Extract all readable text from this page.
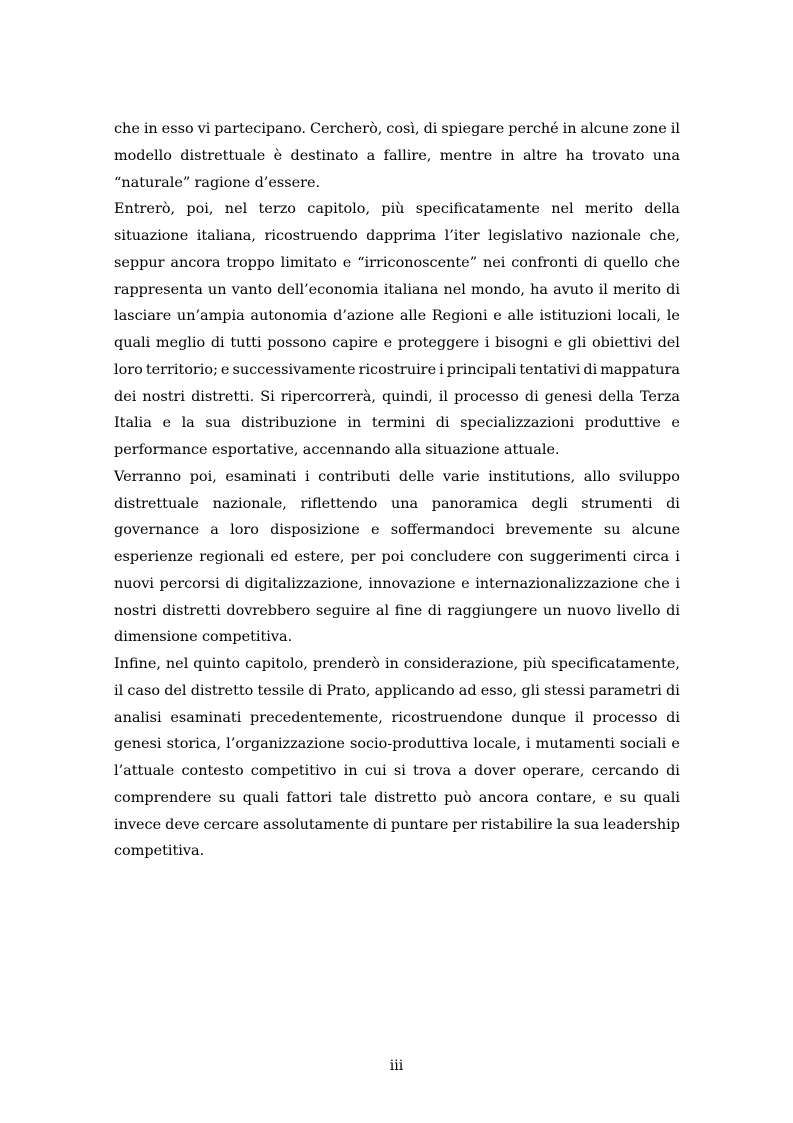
che in esso vi partecipano. Cercherò, così, di spiegare perché in alcune zone il
modello distrettuale è destinato a fallire, mentre in altre ha trovato una
“naturale” ragione d’essere.
Entrerò, poi, nel terzo capitolo, più specificatamente nel merito della
situazione italiana, ricostruendo dapprima l’iter legislativo nazionale che,
seppur ancora troppo limitato e “irriconoscente” nei confronti di quello che
rappresenta un vanto dell’economia italiana nel mondo, ha avuto il merito di
lasciare un’ampia autonomia d’azione alle Regioni e alle istituzioni locali, le
quali meglio di tutti possono capire e proteggere i bisogni e gli obiettivi del
loro territorio; e successivamente ricostruire i principali tentativi di mappatura
dei nostri distretti. Si ripercorrerà, quindi, il processo di genesi della Terza
Italia e la sua distribuzione in termini di specializzazioni produttive e
performance esportative, accennando alla situazione attuale.
Verranno poi, esaminati i contributi delle varie institutions, allo sviluppo
distrettuale nazionale, riflettendo una panoramica degli strumenti di
governance a loro disposizione e soffermandoci brevemente su alcune
esperienze regionali ed estere, per poi concludere con suggerimenti circa i
nuovi percorsi di digitalizzazione, innovazione e internazionalizzazione che i
nostri distretti dovrebbero seguire al fine di raggiungere un nuovo livello di
dimensione competitiva.
Infine, nel quinto capitolo, prenderò in considerazione, più specificatamente,
il caso del distretto tessile di Prato, applicando ad esso, gli stessi parametri di
analisi esaminati precedentemente, ricostruendone dunque il processo di
genesi storica, l’organizzazione socio-produttiva locale, i mutamenti sociali e
l’attuale contesto competitivo in cui si trova a dover operare, cercando di
comprendere su quali fattori tale distretto può ancora contare, e su quali
invece deve cercare assolutamente di puntare per ristabilire la sua leadership
competitiva.
iii
